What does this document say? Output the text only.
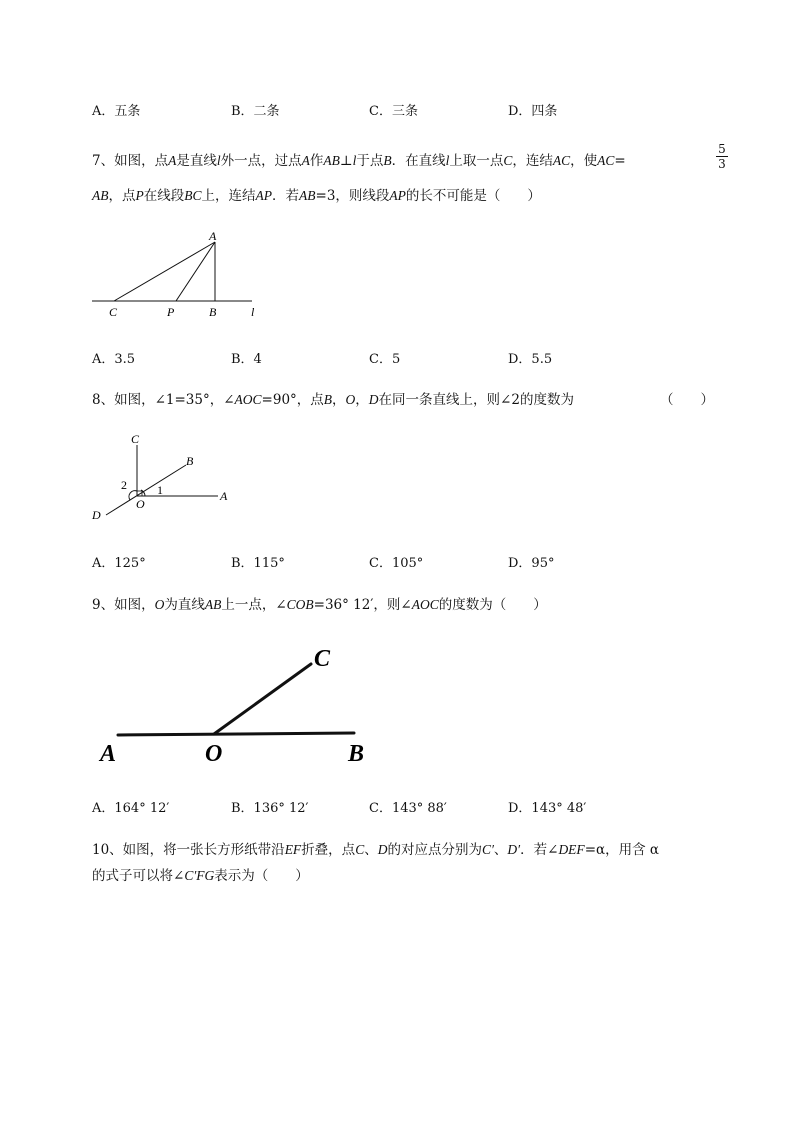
A．五条	B．二条	C．三条	D．四条
7、如图，点A是直线l外一点，过点A作AB⊥l于点B．在直线l上取一点C，连结AC，使AC=
5
3
AB，点P在线段BC上，连结AP．若AB=3，则线段AP的长不可能是（　　）
A
C	P	B	l
A．3.5	B．4	C．5	D．5.5
8、如图，∠1=35°，∠AOC=90°，点B，O，D在同一条直线上，则∠2的度数为	（　　）
C
B
A
O
D
1
2
A．125°	B．115°	C．105°	D．95°
9、如图，O为直线AB上一点，∠COB=36° 12′，则∠AOC的度数为（　　）
C
A	O	B
A．164° 12′	B．136° 12′	C．143° 88′	D．143° 48′
10、如图，将一张长方形纸带沿EF折叠，点C、D的对应点分别为C′、D′．若∠DEF=α，用含 α
的式子可以将∠C′FG表示为（　　）
